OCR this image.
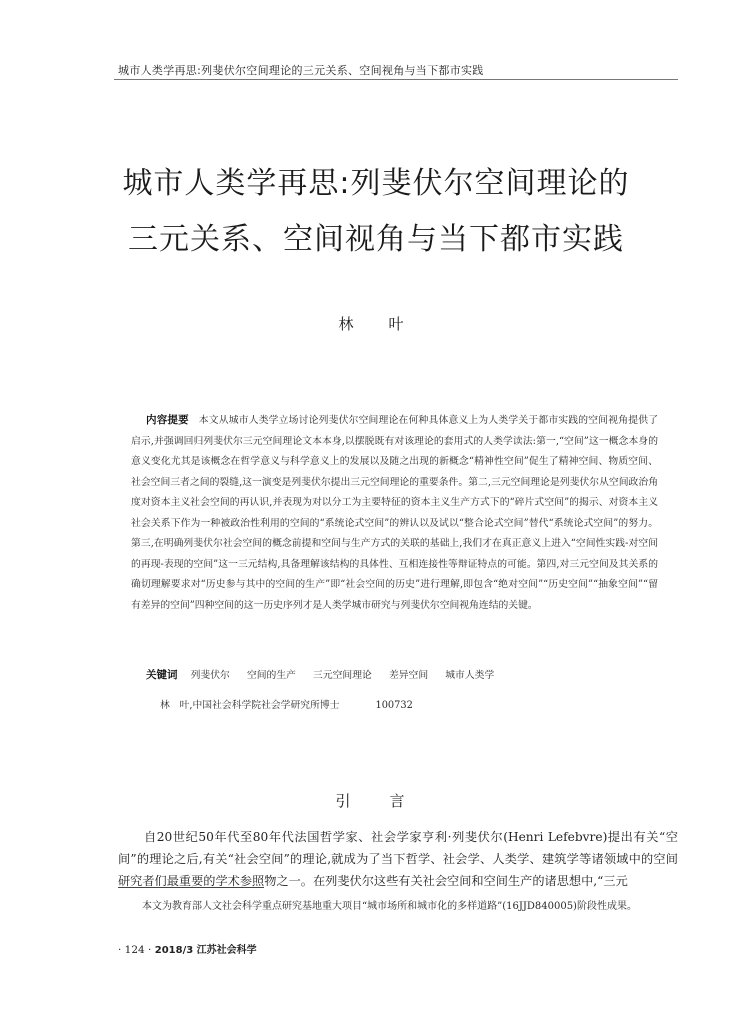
城市人类学再思:列斐伏尔空间理论的三元关系、空间视角与当下都市实践
城市人类学再思:列斐伏尔空间理论的
三元关系、空间视角与当下都市实践
林　叶
内容提要 本文从城市人类学立场讨论列斐伏尔空间理论在何种具体意义上为人类学关于都市实践的空间视角提供了启示,并强调回归列斐伏尔三元空间理论文本本身,以摆脱既有对该理论的套用式的人类学读法:第一,“空间”这一概念本身的意义变化尤其是该概念在哲学意义与科学意义上的发展以及随之出现的新概念“精神性空间”促生了精神空间、物质空间、社会空间三者之间的裂缝,这一演变是列斐伏尔提出三元空间理论的重要条件。第二,三元空间理论是列斐伏尔从空间政治角度对资本主义社会空间的再认识,并表现为对以分工为主要特征的资本主义生产方式下的“碎片式空间”的揭示、对资本主义社会关系下作为一种被政治性利用的空间的“系统论式空间”的辨认以及试以“整合论式空间”替代“系统论式空间”的努力。第三,在明确列斐伏尔社会空间的概念前提和空间与生产方式的关联的基础上,我们才在真正意义上进入“空间性实践-对空间的再现-表现的空间”这一三元结构,具备理解该结构的具体性、互相连接性等辩证特点的可能。第四,对三元空间及其关系的确切理解要求对“历史参与其中的空间的生产”即“社会空间的历史”进行理解,即包含“绝对空间”“历史空间”“抽象空间”“留有差异的空间”四种空间的这一历史序列才是人类学城市研究与列斐伏尔空间视角连结的关键。
关键词 列斐伏尔 空间的生产 三元空间理论 差异空间 城市人类学
林　叶,中国社会科学院社会学研究所博士	100732
引　言
自20世纪50年代至80年代法国哲学家、社会学家亨利·列斐伏尔(Henri Lefebvre)提出有关“空间”的理论之后,有关“社会空间”的理论,就成为了当下哲学、社会学、人类学、建筑学等诸领域中的空间研究者们最重要的学术参照物之一。在列斐伏尔这些有关社会空间和空间生产的诸思想中,“三元
本文为教育部人文社会科学重点研究基地重大项目“城市场所和城市化的多样道路”(16JJD840005)阶段性成果。
· 124 · 2018/3 江苏社会科学
